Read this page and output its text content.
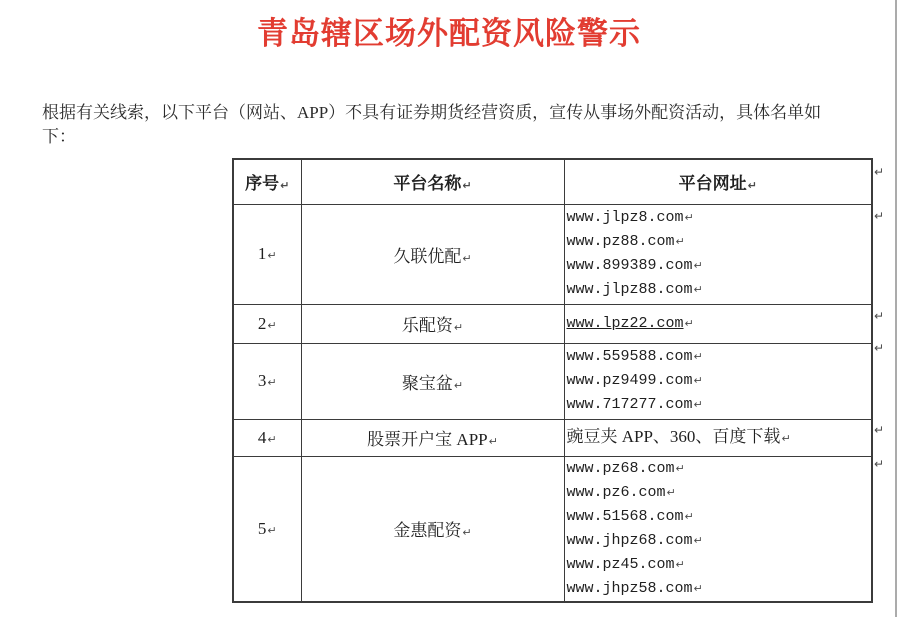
青岛辖区场外配资风险警示

根据有关线索，以下平台（网站、APP）不具有证券期货经营资质，宣传从事场外配资活动，具体名单如下：

序号↵	平台名称↵	平台网址↵
1↵	久联优配↵	www.jlpz8.com↵
www.pz88.com↵
www.899389.com↵
www.jlpz88.com↵

2↵	乐配资↵	www.lpz22.com↵

3↵	聚宝盆↵	www.559588.com↵
www.pz9499.com↵
www.717277.com↵

4↵	股票开户宝 APP↵	豌豆夹 APP、360、百度下载↵

5↵	金惠配资↵	
www.pz68.com↵
www.pz6.com↵
www.51568.com↵
www.jhpz68.com↵
www.pz45.com↵
www.jhpz58.com↵
↵
↵
↵
↵
↵
↵
